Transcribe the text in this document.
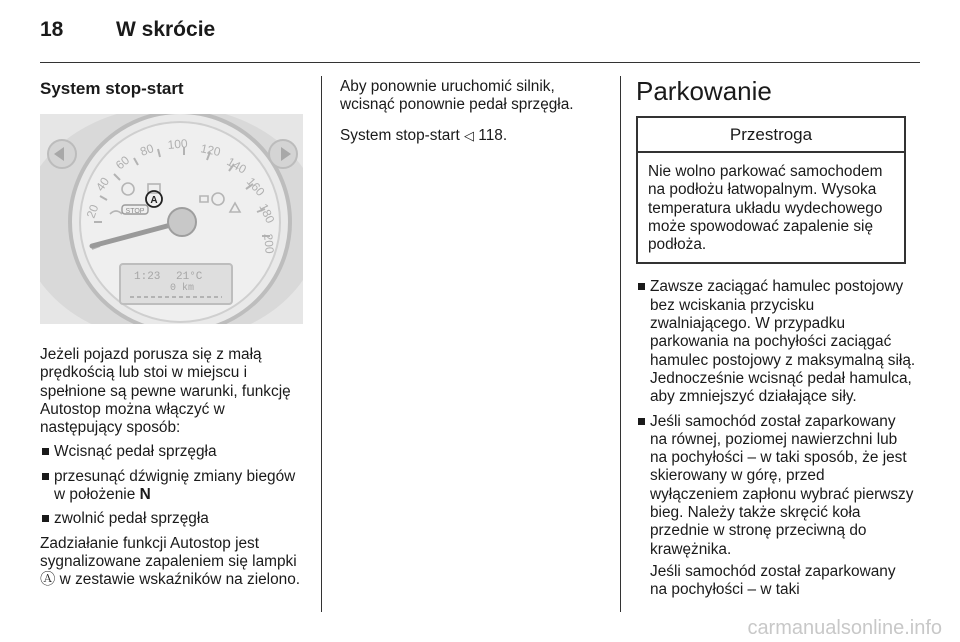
18	W skrócie
System stop-start
20
40
60
80 100 120
140
160
180
200
STOP
A
1:23 21°C
0 km

Jeżeli pojazd porusza się z małą prędkością lub stoi w miejscu i spełnione są pewne warunki, funkcję Autostop można włączyć w następujący sposób:

Wcisnąć pedał sprzęgła
przesunąć dźwignię zmiany biegów w położenie N
zwolnić pedał sprzęgła

Zadziałanie funkcji Autostop jest sygnalizowane zapaleniem się lampki Ⓐ w zestawie wskaźników na zielono.

Aby ponownie uruchomić silnik, wcisnąć ponownie pedał sprzęgła.

System stop-start ◁ 118.

Parkowanie
Przestroga
Nie wolno parkować samochodem na podłożu łatwopalnym. Wysoka temperatura układu wydechowego może spowodować zapalenie się podłoża.
Zawsze zaciągać hamulec postojowy bez wciskania przycisku zwalniającego. W przypadku parkowania na pochyłości zaciągać hamulec postojowy z maksymalną siłą. Jednocześnie wcisnąć pedał hamulca, aby zmniejszyć działające siły.
Jeśli samochód został zaparkowany na równej, poziomej nawierzchni lub na pochyłości – w taki sposób, że jest skierowany w górę, przed wyłączeniem zapłonu wybrać pierwszy bieg. Należy także skręcić koła przednie w stronę przeciwną do krawężnika.

Jeśli samochód został zaparkowany na pochyłości – w taki

carmanualsonline.info
